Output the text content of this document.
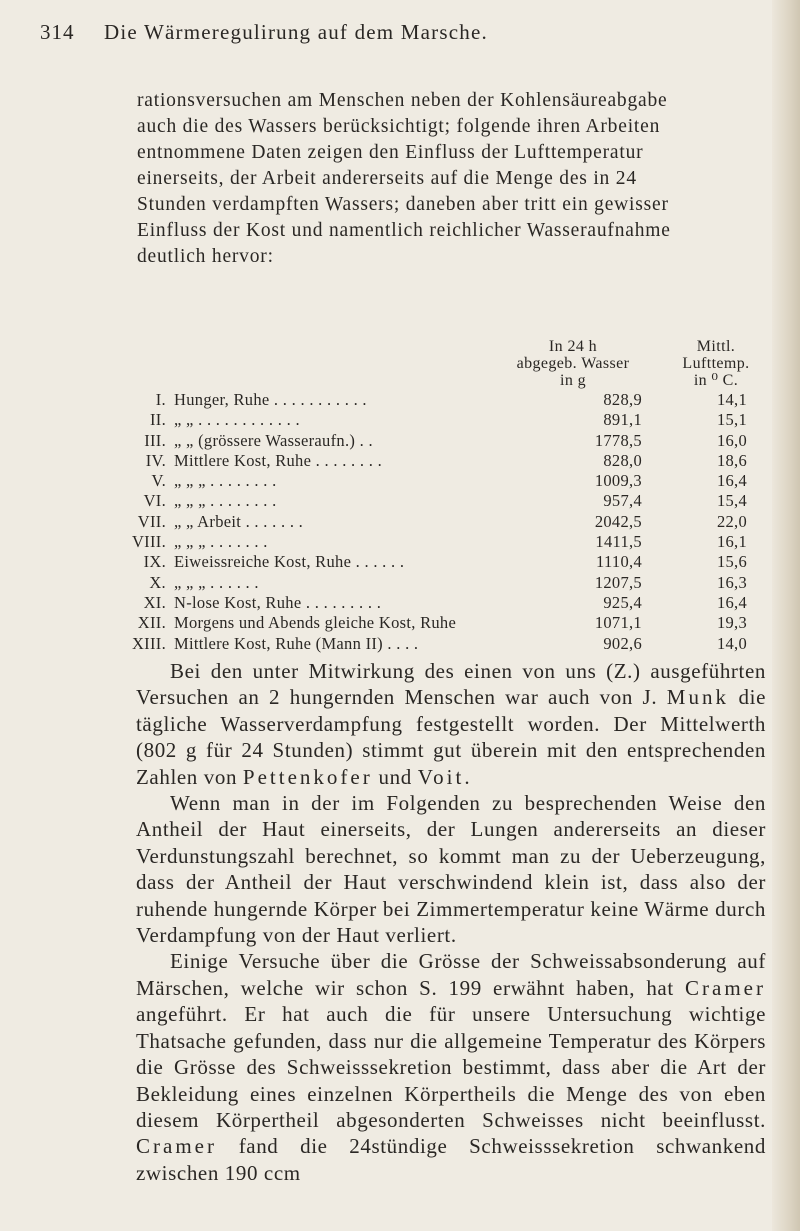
314 Die Wärmeregulirung auf dem Marsche.

rationsversuchen am Menschen neben der Kohlensäureabgabe

auch die des Wassers berücksichtigt; folgende ihren Arbeiten

entnommene Daten zeigen den Einfluss der Lufttemperatur

einerseits, der Arbeit andererseits auf die Menge des in 24

Stunden verdampften Wassers; daneben aber tritt ein gewisser

Einfluss der Kost und namentlich reichlicher Wasseraufnahme

deutlich hervor:

In 24 h
abgegeb. Wasser
in g
Mittl.
Lufttemp.
in ⁰ C.
I. Hunger, Ruhe . . . . . . . . . . .	828,9	14,1
II. „ „ . . . . . . . . . . . .	891,1	15,1
III. „ „ (grössere Wasseraufn.) . .	1778,5	16,0
IV. Mittlere Kost, Ruhe . . . . . . . .	828,0	18,6
V. „ „ „ . . . . . . . .	1009,3	16,4
VI. „ „ „ . . . . . . . .	957,4	15,4
VII. „ „ Arbeit . . . . . . .	2042,5	22,0
VIII. „ „ „ . . . . . . .	1411,5	16,1
IX. Eiweissreiche Kost, Ruhe . . . . . .	1110,4	15,6
X. „ „ „ . . . . . .	1207,5	16,3
XI. N-lose Kost, Ruhe . . . . . . . . .	925,4	16,4
XII. Morgens und Abends gleiche Kost, Ruhe	1071,1	19,3
XIII. Mittlere Kost, Ruhe (Mann II) . . . .	902,6	14,0

Bei den unter Mitwirkung des einen von uns (Z.) ausgeführten Versuchen an 2 hungernden Menschen war auch von J. Munk die tägliche Wasserverdampfung festgestellt worden. Der Mittelwerth (802 g für 24 Stunden) stimmt gut überein mit den entsprechenden Zahlen von Pettenkofer und Voit.

Wenn man in der im Folgenden zu besprechenden Weise den Antheil der Haut einerseits, der Lungen andererseits an dieser Verdunstungszahl berechnet, so kommt man zu der Ueberzeugung, dass der Antheil der Haut verschwindend klein ist, dass also der ruhende hungernde Körper bei Zimmertemperatur keine Wärme durch Verdampfung von der Haut verliert.

Einige Versuche über die Grösse der Schweissabsonderung auf Märschen, welche wir schon S. 199 erwähnt haben, hat Cramer angeführt. Er hat auch die für unsere Untersuchung wichtige Thatsache gefunden, dass nur die allgemeine Temperatur des Körpers die Grösse des Schweisssekretion bestimmt, dass aber die Art der Bekleidung eines einzelnen Körpertheils die Menge des von eben diesem Körpertheil abgesonderten Schweisses nicht beeinflusst. Cramer fand die 24stündige Schweisssekretion schwankend zwischen 190 ccm
